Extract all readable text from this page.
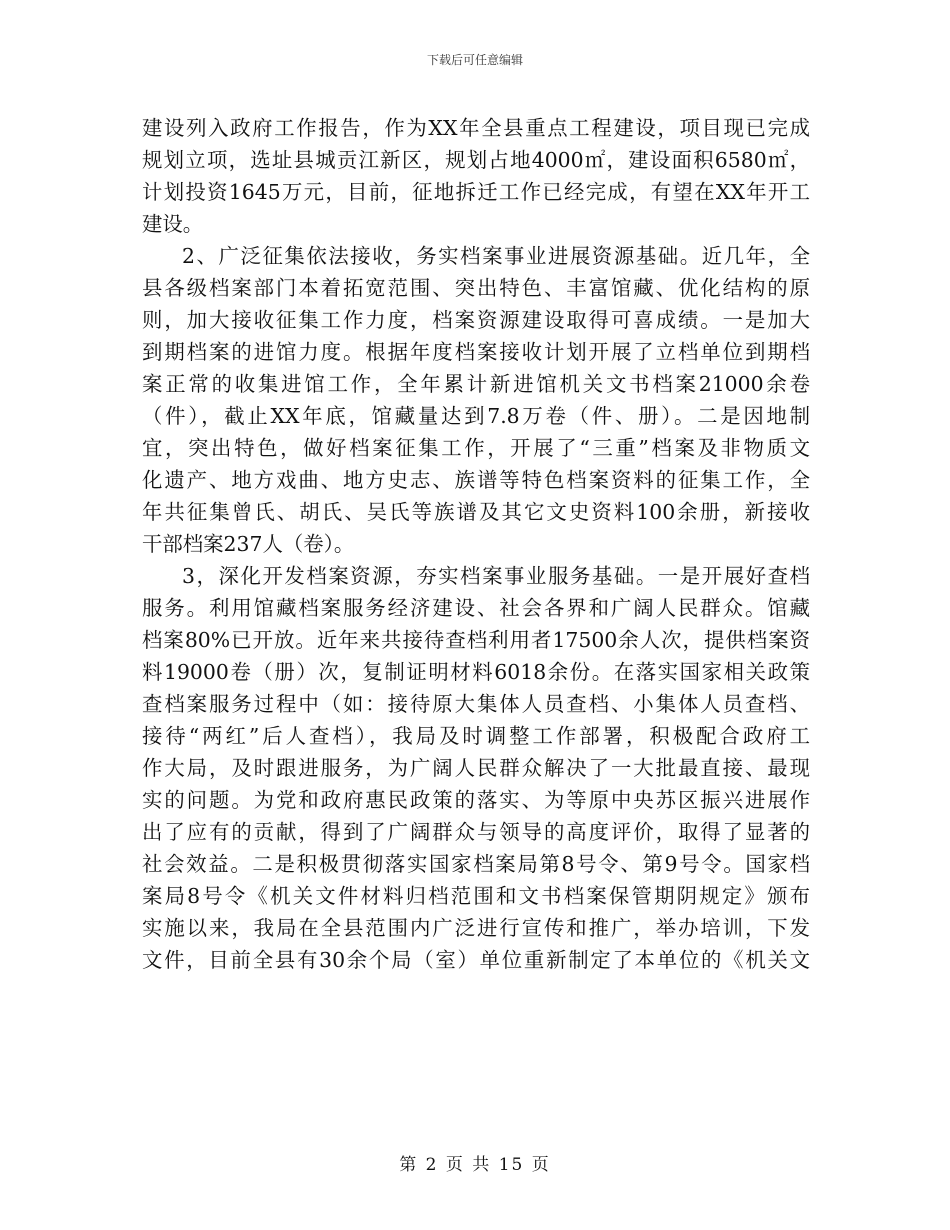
下载后可任意编辑
建设列入政府工作报告，作为XX年全县重点工程建设，项目现已完成
规划立项，选址县城贡江新区，规划占地4000㎡，建设面积6580㎡，
计划投资1645万元，目前，征地拆迁工作已经完成，有望在XX年开工
建设。
2、广泛征集依法接收，务实档案事业进展资源基础。近几年，全
县各级档案部门本着拓宽范围、突出特色、丰富馆藏、优化结构的原
则，加大接收征集工作力度，档案资源建设取得可喜成绩。一是加大
到期档案的进馆力度。根据年度档案接收计划开展了立档单位到期档
案正常的收集进馆工作，全年累计新进馆机关文书档案21000余卷
（件），截止XX年底，馆藏量达到7.8万卷（件、册）。二是因地制
宜，突出特色，做好档案征集工作，开展了“三重”档案及非物质文
化遗产、地方戏曲、地方史志、族谱等特色档案资料的征集工作，全
年共征集曾氏、胡氏、吴氏等族谱及其它文史资料100余册，新接收
干部档案237人（卷）。
3，深化开发档案资源，夯实档案事业服务基础。一是开展好查档
服务。利用馆藏档案服务经济建设、社会各界和广阔人民群众。馆藏
档案80%已开放。近年来共接待查档利用者17500余人次，提供档案资
料19000卷（册）次，复制证明材料6018余份。在落实国家相关政策
查档案服务过程中（如：接待原大集体人员查档、小集体人员查档、
接待“两红”后人查档），我局及时调整工作部署，积极配合政府工
作大局，及时跟进服务，为广阔人民群众解决了一大批最直接、最现
实的问题。为党和政府惠民政策的落实、为等原中央苏区振兴进展作
出了应有的贡献，得到了广阔群众与领导的高度评价，取得了显著的
社会效益。二是积极贯彻落实国家档案局第8号令、第9号令。国家档
案局8号令《机关文件材料归档范围和文书档案保管期阴规定》颁布
实施以来，我局在全县范围内广泛进行宣传和推广，举办培训，下发
文件，目前全县有30余个局（室）单位重新制定了本单位的《机关文
第 2 页 共 15 页
